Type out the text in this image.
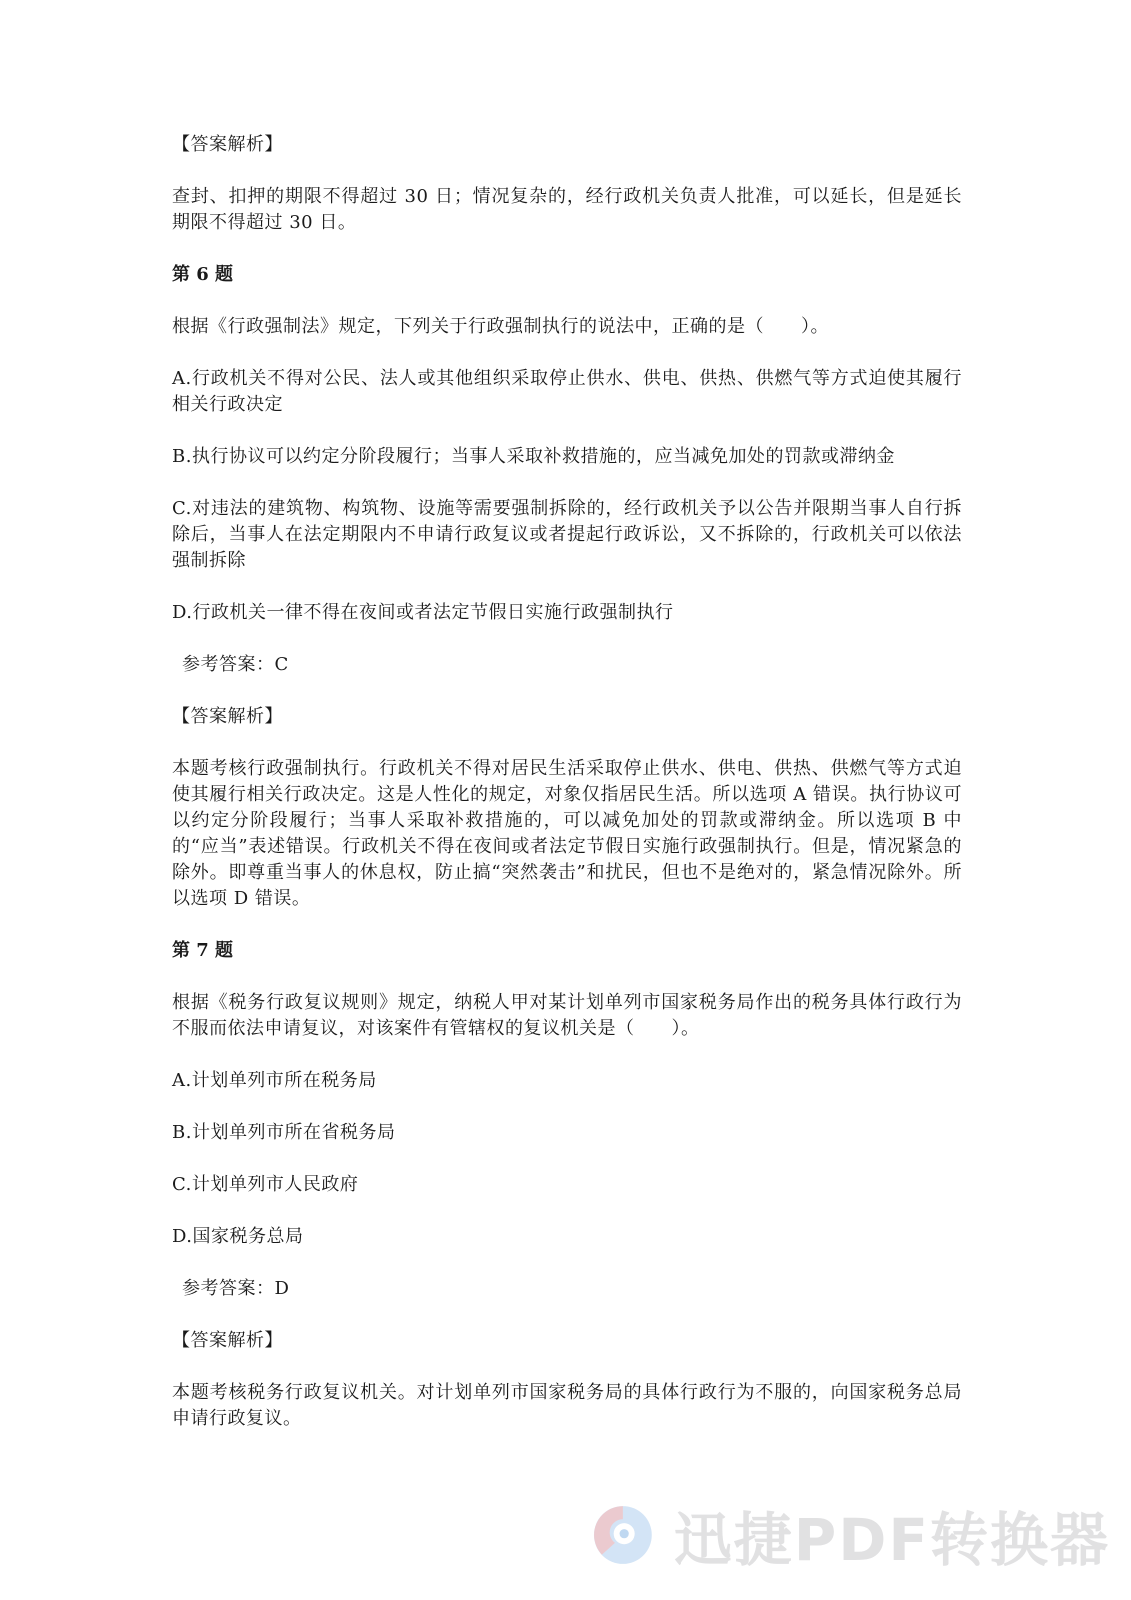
【答案解析】

查封、扣押的期限不得超过 30 日；情况复杂的，经行政机关负责人批准，可以延长，但是延长期限不得超过 30 日。

第 6 题

根据《行政强制法》规定，下列关于行政强制执行的说法中，正确的是（　　）。

A.行政机关不得对公民、法人或其他组织采取停止供水、供电、供热、供燃气等方式迫使其履行相关行政决定

B.执行协议可以约定分阶段履行；当事人采取补救措施的，应当减免加处的罚款或滞纳金

C.对违法的建筑物、构筑物、设施等需要强制拆除的，经行政机关予以公告并限期当事人自行拆除后，当事人在法定期限内不申请行政复议或者提起行政诉讼，又不拆除的，行政机关可以依法强制拆除

D.行政机关一律不得在夜间或者法定节假日实施行政强制执行

参考答案：C

【答案解析】

本题考核行政强制执行。行政机关不得对居民生活采取停止供水、供电、供热、供燃气等方式迫使其履行相关行政决定。这是人性化的规定，对象仅指居民生活。所以选项 A 错误。执行协议可以约定分阶段履行；当事人采取补救措施的，可以减免加处的罚款或滞纳金。所以选项 B 中的“应当”表述错误。行政机关不得在夜间或者法定节假日实施行政强制执行。但是，情况紧急的除外。即尊重当事人的休息权，防止搞“突然袭击”和扰民，但也不是绝对的，紧急情况除外。所以选项 D 错误。

第 7 题

根据《税务行政复议规则》规定，纳税人甲对某计划单列市国家税务局作出的税务具体行政行为不服而依法申请复议，对该案件有管辖权的复议机关是（　　）。

A.计划单列市所在税务局

B.计划单列市所在省税务局

C.计划单列市人民政府

D.国家税务总局

参考答案：D

【答案解析】

本题考核税务行政复议机关。对计划单列市国家税务局的具体行政行为不服的，向国家税务总局申请行政复议。

迅捷PDF转换器
